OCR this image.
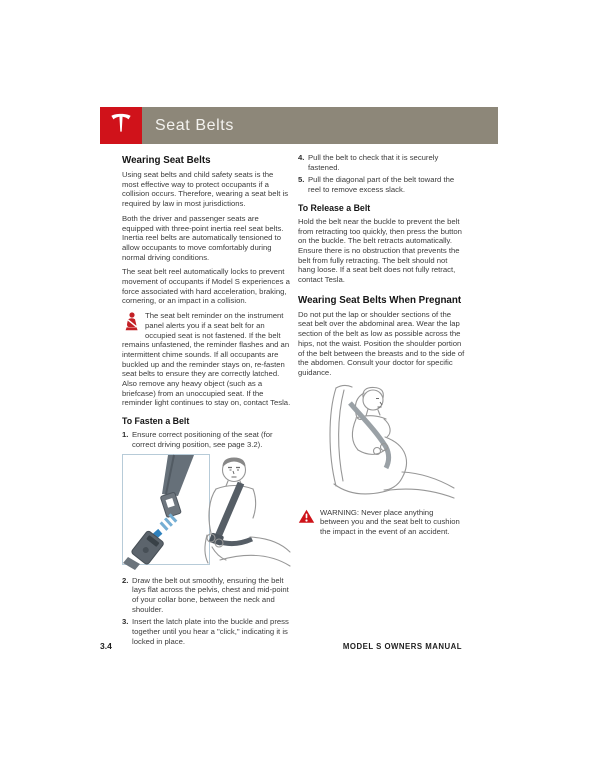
Seat Belts
Wearing Seat Belts

Using seat belts and child safety seats is the most effective way to protect occupants if a collision occurs. Therefore, wearing a seat belt is required by law in most jurisdictions.

Both the driver and passenger seats are equipped with three-point inertia reel seat belts. Inertia reel belts are automatically tensioned to allow occupants to move comfortably during normal driving conditions.

The seat belt reel automatically locks to prevent movement of occupants if Model S experiences a force associated with hard acceleration, braking, cornering, or an impact in a collision.

The seat belt reminder on the instrument panel alerts you if a seat belt for an occupied seat is not fastened. If the belt remains unfastened, the reminder flashes and an intermittent chime sounds. If all occupants are buckled up and the reminder stays on, re-fasten seat belts to ensure they are correctly latched. Also remove any heavy object (such as a briefcase) from an unoccupied seat. If the reminder light continues to stay on, contact Tesla.
To Fasten a Belt
1. Ensure correct positioning of the seat (for correct driving position, see page 3.2).
2. Draw the belt out smoothly, ensuring the belt lays flat across the pelvis, chest and mid-point of your collar bone, between the neck and shoulder.
3. Insert the latch plate into the buckle and press together until you hear a "click," indicating it is locked in place.
4. Pull the belt to check that it is securely fastened.
5. Pull the diagonal part of the belt toward the reel to remove excess slack.
To Release a Belt

Hold the belt near the buckle to prevent the belt from retracting too quickly, then press the button on the buckle. The belt retracts automatically. Ensure there is no obstruction that prevents the belt from fully retracting. The belt should not hang loose. If a seat belt does not fully retract, contact Tesla.

Wearing Seat Belts When Pregnant

Do not put the lap or shoulder sections of the seat belt over the abdominal area. Wear the lap section of the belt as low as possible across the hips, not the waist. Position the shoulder portion of the belt between the breasts and to the side of the abdomen. Consult your doctor for specific guidance.

WARNING: Never place anything between you and the seat belt to cushion the impact in the event of an accident.
3.4	MODEL S OWNERS MANUAL
